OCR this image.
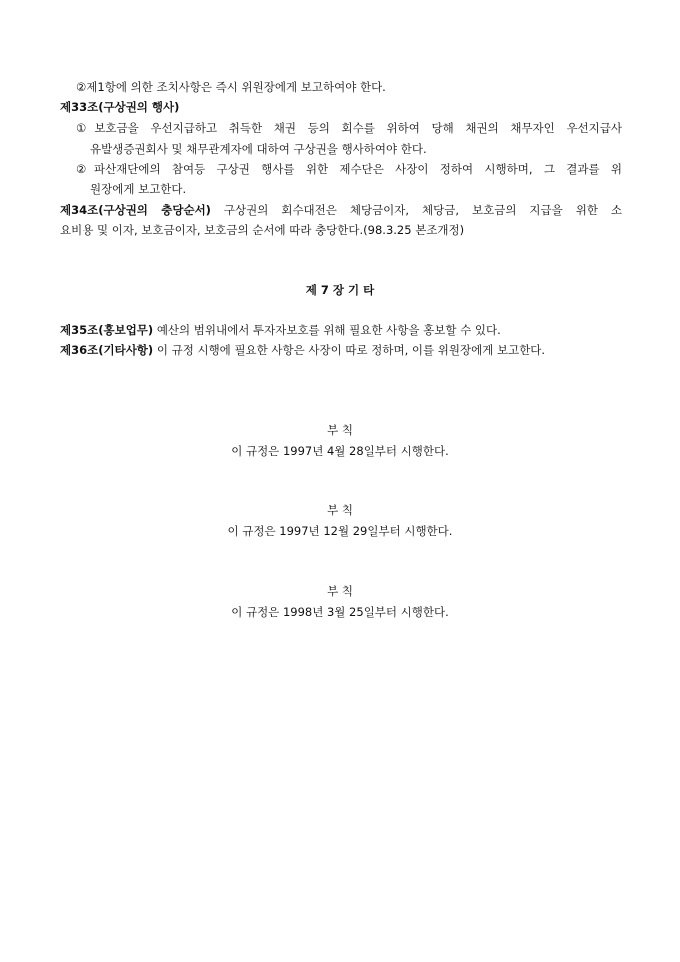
②제1항에 의한 조치사항은 즉시 위원장에게 보고하여야 한다.
제33조(구상권의 행사)
①보호금을 우선지급하고 취득한 채권 등의 회수를 위하여 당해 채권의 채무자인 우선지급사
유발생증권회사 및 채무관계자에 대하여 구상권을 행사하여야 한다.
②파산재단에의 참여등 구상권 행사를 위한 제수단은 사장이 정하여 시행하며, 그 결과를 위
원장에게 보고한다.
제34조(구상권의 충당순서) 구상권의 회수대전은 체당금이자, 체당금, 보호금의 지급을 위한 소
요비용 및 이자, 보호금이자, 보호금의 순서에 따라 충당한다.(98.3.25 본조개정)
제 7 장 기 타
제35조(홍보업무) 예산의 범위내에서 투자자보호를 위해 필요한 사항을 홍보할 수 있다.
제36조(기타사항) 이 규정 시행에 필요한 사항은 사장이 따로 정하며, 이를 위원장에게 보고한다.
부 칙
이 규정은 1997년 4월 28일부터 시행한다.
부 칙
이 규정은 1997년 12월 29일부터 시행한다.
부 칙
이 규정은 1998년 3월 25일부터 시행한다.
